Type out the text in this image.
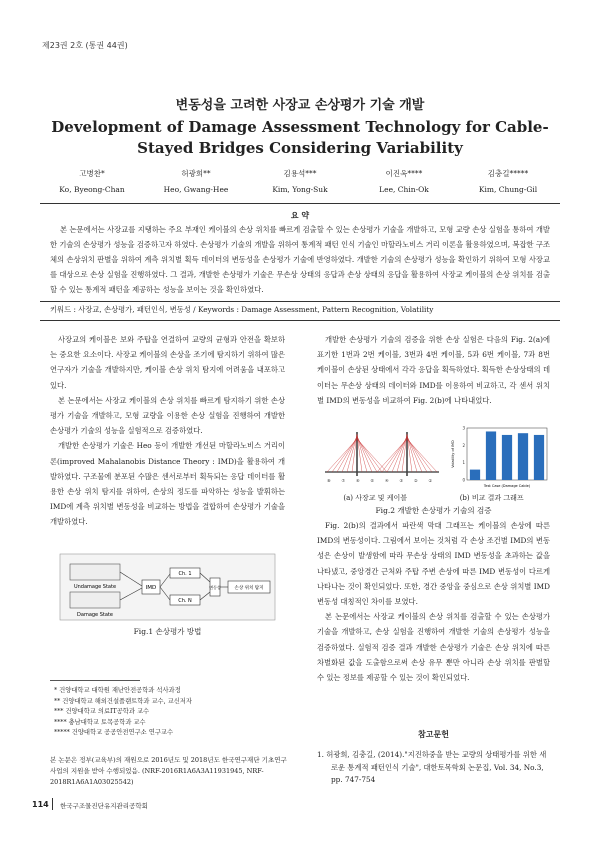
제23권 2호 (통권 44권)
변동성을 고려한 사장교 손상평가 기술 개발
Development of Damage Assessment Technology for Cable-Stayed Bridges Considering Variability
고병찬*
Ko, Byeong-Chan
허광희**
Heo, Gwang-Hee
김용석***
Kim, Yong-Suk
이진옥****
Lee, Chin-Ok
김충길*****
Kim, Chung-Gil
요 약
본 논문에서는 사장교를 지탱하는 주요 부재인 케이블의 손상 위치를 빠르게 검출할 수 있는 손상평가 기술을 개발하고, 모형 교량 손상 실험을 통하여 개발한 기술의 손상평가 성능을 검증하고자 하였다. 손상평가 기술의 개발을 위하여 통계적 패턴 인식 기술인 마할라노비스 거리 이론을 활용하였으며, 복잡한 구조체의 손상위치 판별을 위하여 계측 위치별 획득 데이터의 변동성을 손상평가 기술에 반영하였다. 개발한 기술의 손상평가 성능을 확인하기 위하여 모형 사장교를 대상으로 손상 실험을 진행하였다. 그 결과, 개발한 손상평가 기술은 무손상 상태의 응답과 손상 상태의 응답을 활용하여 사장교 케이블의 손상 위치를 검출할 수 있는 통계적 패턴을 제공하는 성능을 보이는 것을 확인하였다.
키워드 : 사장교, 손상평가, 패턴인식, 변동성 / Keywords : Damage Assessment, Pattern Recognition, Volatility

사장교의 케이블은 보와 주탑을 연결하여 교량의 균형과 안전을 확보하는 중요한 요소이다. 사장교 케이블의 손상을 조기에 탐지하기 위하여 많은 연구자가 기술을 개발하지만, 케이블 손상 위치 탐지에 어려움을 내포하고 있다.

본 논문에서는 사장교 케이블의 손상 위치를 빠르게 탐지하기 위한 손상평가 기술을 개발하고, 모형 교량을 이용한 손상 실험을 진행하여 개발한 손상평가 기술의 성능을 실험적으로 검증하였다.

개발한 손상평가 기술은 Heo 등이 개발한 개선된 마할라노비스 거리이론(improved Mahalanobis Distance Theory : IMD)을 활용하여 개발하였다. 구조물에 분포된 수많은 센서로부터 획득되는 응답 데이터를 활용한 손상 위치 탐지를 위하여, 손상의 정도를 파악하는 성능을 발휘하는 IMD에 계측 위치별 변동성을 비교하는 방법을 결합하여 손상평가 기술을 개발하였다.

Undamage State
Damage State
IMD
Ch. 1
Ch. N
변동성	손상 위치 탐지
Fig.1 손상평가 방법

개발한 손상평가 기술의 검증을 위한 손상 실험은 다음의 Fig. 2(a)에 표기한 1번과 2번 케이블, 3번과 4번 케이블, 5과 6번 케이블, 7과 8번 케이블이 손상된 상태에서 각각 응답을 획득하였다. 획득한 손상상태의 데이터는 무손상 상태의 데이터와 IMD를 이용하여 비교하고, 각 센서 위치별 IMD의 변동성을 비교하여 Fig. 2(b)에 나타내었다.

⑧	⑦	⑥	⑤	④	③	②	①	0
1
2
3
Volatility of IMD
Test Case (Damage Cable)
(a) 사장교 및 케이블	(b) 비교 결과 그래프
Fig.2 개발한 손상평가 기술의 검증

Fig. 2(b)의 결과에서 파란색 막대 그래프는 케이블의 손상에 따른 IMD의 변동성이다. 그림에서 보이는 것처럼 각 손상 조건별 IMD의 변동성은 손상이 발생함에 따라 무손상 상태의 IMD 변동성을 초과하는 값을 나타냈고, 중앙경간 근처와 주탑 주변 손상에 따른 IMD 변동성이 다르게 나타나는 것이 확인되었다. 또한, 경간 중앙을 중심으로 손상 위치별 IMD 변동성 대칭적인 차이를 보였다.

본 논문에서는 사장교 케이블의 손상 위치를 검출할 수 있는 손상평가 기술을 개발하고, 손상 실험을 진행하여 개발한 기술의 손상평가 성능을 검증하였다. 실험적 검증 결과 개발한 손상평가 기술은 손상 위치에 따른 차별화된 값을 도출함으로써 손상 유무 뿐만 아니라 손상 위치를 판별할 수 있는 정보를 제공할 수 있는 것이 확인되었다.

* 건양대학교 대학원 재난안전공학과 석사과정
** 건양대학교 해외건설플랜트학과 교수, 교신저자
*** 건양대학교 의료IT공학과 교수
**** 충남대학교 토목공학과 교수
***** 건양대학교 공공안전연구소 연구교수
본 논문은 정부(교육부)의 재원으로 2016년도 및 2018년도 한국연구재단 기초연구사업의 지원을 받아 수행되었음. (NRF-2016R1A6A3A11931945, NRF-2018R1A6A1A03025542)
참고문헌
1. 허광희, 김충길, (2014)."지진하중을 받는 교량의 상태평가를 위한 새로운 통계적 패턴인식 기술", 대한토목학회 논문집, Vol. 34, No.3, pp. 747-754
114 한국구조물진단유지관리공학회
